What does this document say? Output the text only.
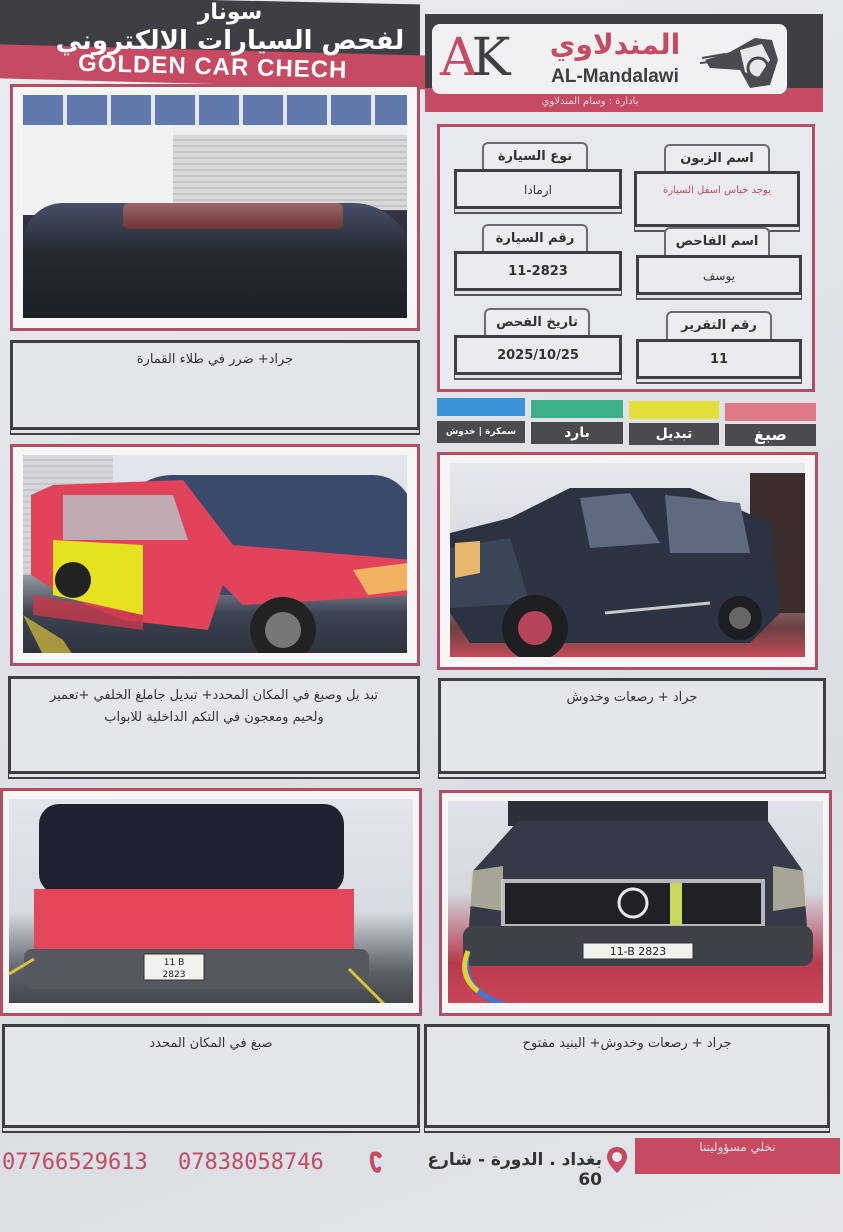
سونار
لفحص السيارات الالكتروني
GOLDEN CAR CHECH	AK	المندلاوي
AL-Mandalawi
بادارة : وسام المندلاوي
جراد+ ضرر في طلاء القمارة
اسم الزبون
يوجد خباس اسفل السيارة
نوع السيارة
ارمادا
اسم الفاحص
يوسف
رقم السيارة
11-2823
رقم التقرير
11
تاريخ الفحص
2025/10/25
صبغ
تبديل
بارد
سمكرة | خدوش
تبد يل وصبغ في المكان المحدد+ تبديل جاملغ الخلفي +تعمير ولحيم ومعجون في التكم الداخلية للابواب
جراد + رصعات وخدوش
11 B
2823
صبغ في المكان المحدد
11-B 2823
جراد + رصعات وخدوش+ البنيد مفتوح
نخلي مسؤوليتنا
بغداد . الدورة - شارع 60
07838058746
07766529613
